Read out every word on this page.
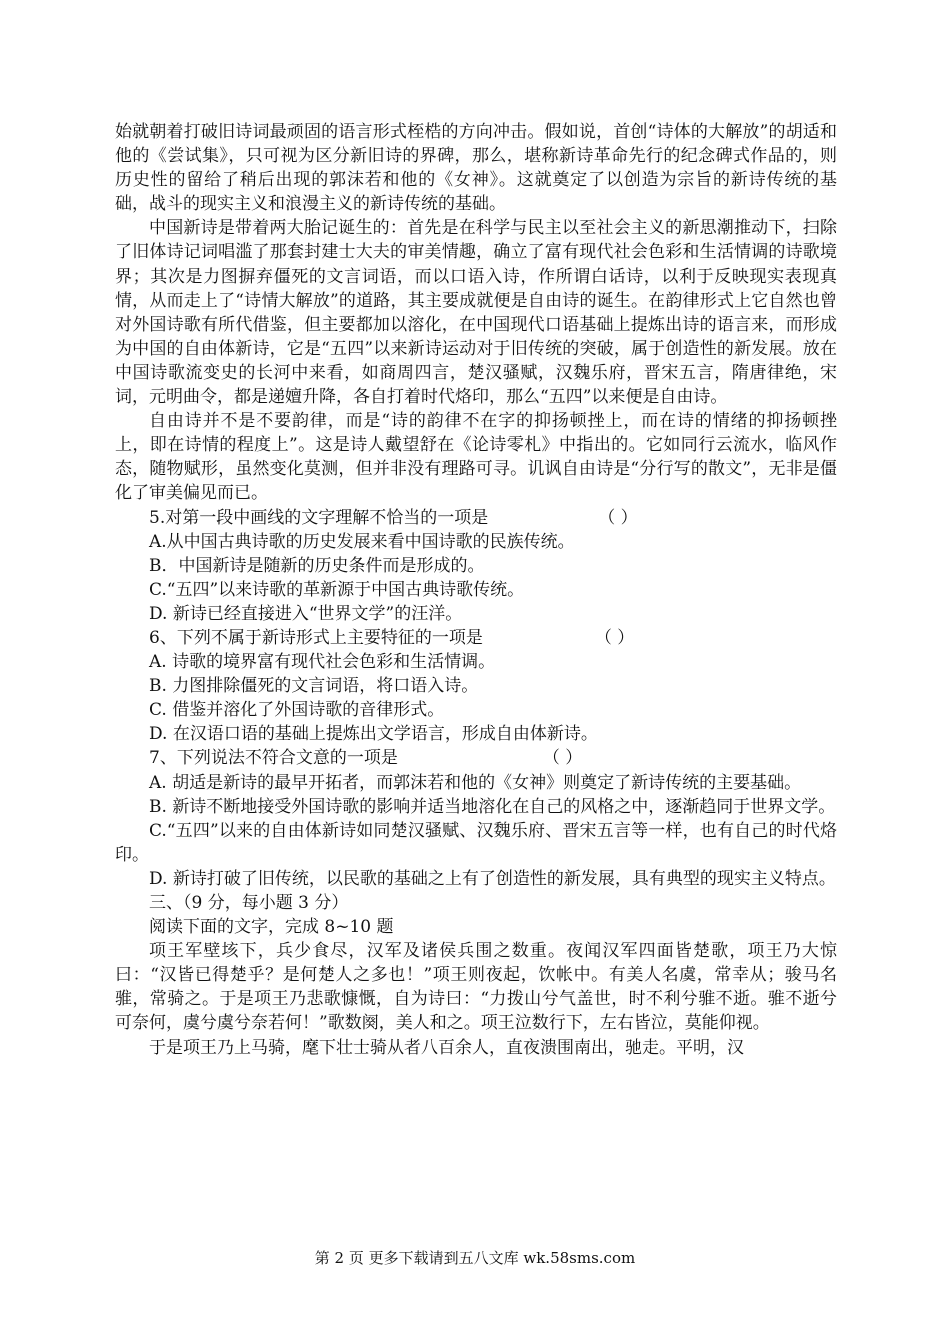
始就朝着打破旧诗词最顽固的语言形式桎梏的方向冲击。假如说，首创“诗体的大解放”的胡适和他的《尝试集》，只可视为区分新旧诗的界碑，那么，堪称新诗革命先行的纪念碑式作品的，则历史性的留给了稍后出现的郭沫若和他的《女神》。这就奠定了以创造为宗旨的新诗传统的基础，战斗的现实主义和浪漫主义的新诗传统的基础。

中国新诗是带着两大胎记诞生的：首先是在科学与民主以至社会主义的新思潮推动下，扫除了旧体诗记词唱滥了那套封建士大夫的审美情趣，确立了富有现代社会色彩和生活情调的诗歌境界；其次是力图摒弃僵死的文言词语，而以口语入诗，作所谓白话诗，以利于反映现实表现真情，从而走上了“诗情大解放”的道路，其主要成就便是自由诗的诞生。在韵律形式上它自然也曾对外国诗歌有所代借鉴，但主要都加以溶化，在中国现代口语基础上提炼出诗的语言来，而形成为中国的自由体新诗，它是“五四”以来新诗运动对于旧传统的突破，属于创造性的新发展。放在中国诗歌流变史的长河中来看，如商周四言，楚汉骚赋，汉魏乐府，晋宋五言，隋唐律绝，宋词，元明曲令，都是递嬗升降，各自打着时代烙印，那么“五四”以来便是自由诗。

自由诗并不是不要韵律，而是“诗的韵律不在字的抑扬顿挫上，而在诗的情绪的抑扬顿挫上，即在诗情的程度上”。这是诗人戴望舒在《论诗零札》中指出的。它如同行云流水，临风作态，随物赋形，虽然变化莫测，但并非没有理路可寻。讥讽自由诗是“分行写的散文”，无非是僵化了审美偏见而已。

5.对第一段中画线的文字理解不恰当的一项是	（ ）

A.从中国古典诗歌的历史发展来看中国诗歌的民族传统。

B．中国新诗是随新的历史条件而是形成的。

C.“五四”以来诗歌的革新源于中国古典诗歌传统。

D. 新诗已经直接进入“世界文学”的汪洋。

6、下列不属于新诗形式上主要特征的一项是	（ ）

A. 诗歌的境界富有现代社会色彩和生活情调。

B. 力图排除僵死的文言词语，将口语入诗。

C. 借鉴并溶化了外国诗歌的音律形式。

D. 在汉语口语的基础上提炼出文学语言，形成自由体新诗。

7、下列说法不符合文意的一项是	（ ）

A. 胡适是新诗的最早开拓者，而郭沫若和他的《女神》则奠定了新诗传统的主要基础。

B. 新诗不断地接受外国诗歌的影响并适当地溶化在自己的风格之中，逐渐趋同于世界文学。

C.“五四”以来的自由体新诗如同楚汉骚赋、汉魏乐府、晋宋五言等一样，也有自己的时代烙印。

D. 新诗打破了旧传统，以民歌的基础之上有了创造性的新发展，具有典型的现实主义特点。

三、（9 分，每小题 3 分）

阅读下面的文字，完成 8~10 题

项王军壁垓下，兵少食尽，汉军及诸侯兵围之数重。夜闻汉军四面皆楚歌，项王乃大惊曰：“汉皆已得楚乎？是何楚人之多也！”项王则夜起，饮帐中。有美人名虞，常幸从；骏马名骓，常骑之。于是项王乃悲歌慷慨，自为诗曰：“力拨山兮气盖世，时不利兮骓不逝。骓不逝兮可奈何，虞兮虞兮奈若何！”歌数阕，美人和之。项王泣数行下，左右皆泣，莫能仰视。

于是项王乃上马骑，麾下壮士骑从者八百余人，直夜溃围南出，驰走。平明，汉

第 2 页 更多下载请到五八文库 wk.58sms.com
